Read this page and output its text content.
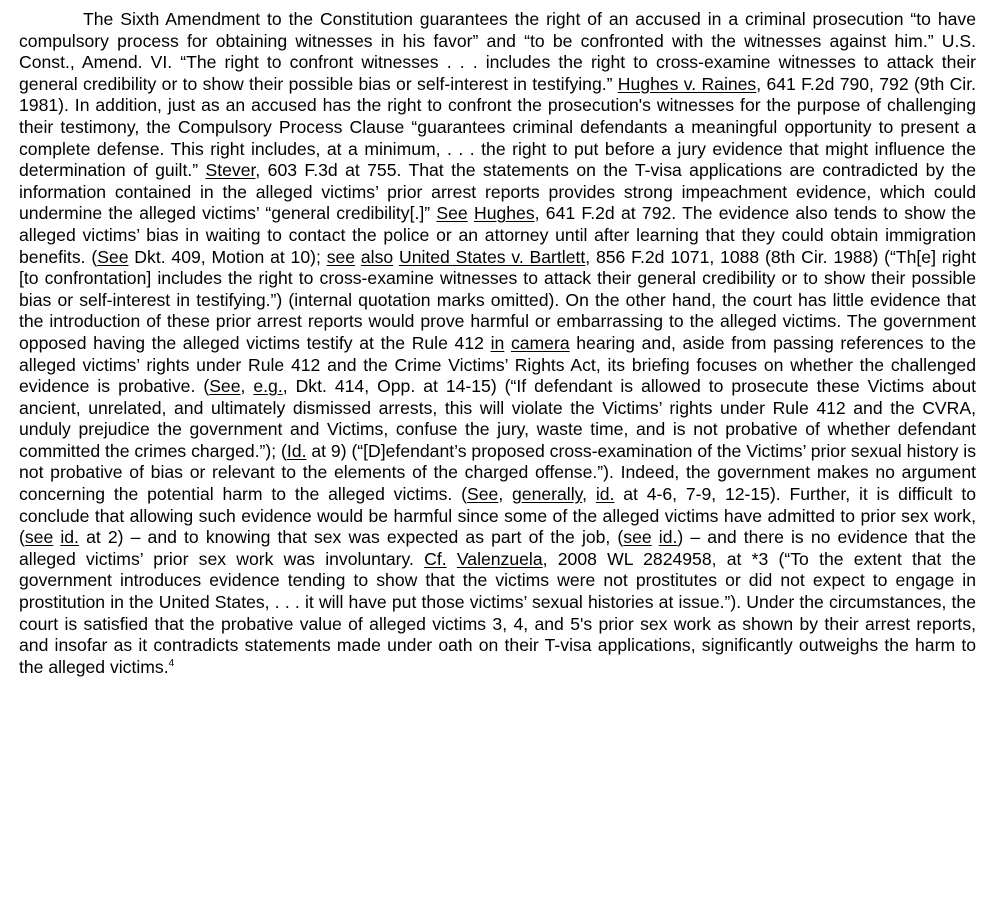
The Sixth Amendment to the Constitution guarantees the right of an accused in a criminal prosecution “to have compulsory process for obtaining witnesses in his favor” and “to be confronted with the witnesses against him.” U.S. Const., Amend. VI. “The right to confront witnesses . . . includes the right to cross-examine witnesses to attack their general credibility or to show their possible bias or self-interest in testifying.” Hughes v. Raines, 641 F.2d 790, 792 (9th Cir. 1981). In addition, just as an accused has the right to confront the prosecution's witnesses for the purpose of challenging their testimony, the Compulsory Process Clause “guarantees criminal defendants a meaningful opportunity to present a complete defense. This right includes, at a minimum, . . . the right to put before a jury evidence that might influence the determination of guilt.” Stever, 603 F.3d at 755. That the statements on the T-visa applications are contradicted by the information contained in the alleged victims’ prior arrest reports provides strong impeachment evidence, which could undermine the alleged victims’ “general credibility[.]” See Hughes, 641 F.2d at 792. The evidence also tends to show the alleged victims’ bias in waiting to contact the police or an attorney until after learning that they could obtain immigration benefits. (See Dkt. 409, Motion at 10); see also United States v. Bartlett, 856 F.2d 1071, 1088 (8th Cir. 1988) (“Th[e] right [to confrontation] includes the right to cross-examine witnesses to attack their general credibility or to show their possible bias or self-interest in testifying.”) (internal quotation marks omitted). On the other hand, the court has little evidence that the introduction of these prior arrest reports would prove harmful or embarrassing to the alleged victims. The government opposed having the alleged victims testify at the Rule 412 in camera hearing and, aside from passing references to the alleged victims’ rights under Rule 412 and the Crime Victims’ Rights Act, its briefing focuses on whether the challenged evidence is probative. (See, e.g., Dkt. 414, Opp. at 14-15) (“If defendant is allowed to prosecute these Victims about ancient, unrelated, and ultimately dismissed arrests, this will violate the Victims’ rights under Rule 412 and the CVRA, unduly prejudice the government and Victims, confuse the jury, waste time, and is not probative of whether defendant committed the crimes charged.”); (Id. at 9) (“[D]efendant’s proposed cross-examination of the Victims’ prior sexual history is not probative of bias or relevant to the elements of the charged offense.”). Indeed, the government makes no argument concerning the potential harm to the alleged victims. (See, generally, id. at 4-6, 7-9, 12-15). Further, it is difficult to conclude that allowing such evidence would be harmful since some of the alleged victims have admitted to prior sex work, (see id. at 2) – and to knowing that sex was expected as part of the job, (see id.) – and there is no evidence that the alleged victims’ prior sex work was involuntary. Cf. Valenzuela, 2008 WL 2824958, at *3 (“To the extent that the government introduces evidence tending to show that the victims were not prostitutes or did not expect to engage in prostitution in the United States, . . . it will have put those victims’ sexual histories at issue.”). Under the circumstances, the court is satisfied that the probative value of alleged victims 3, 4, and 5's prior sex work as shown by their arrest reports, and insofar as it contradicts statements made under oath on their T-visa applications, significantly outweighs the harm to the alleged victims.$^4$
